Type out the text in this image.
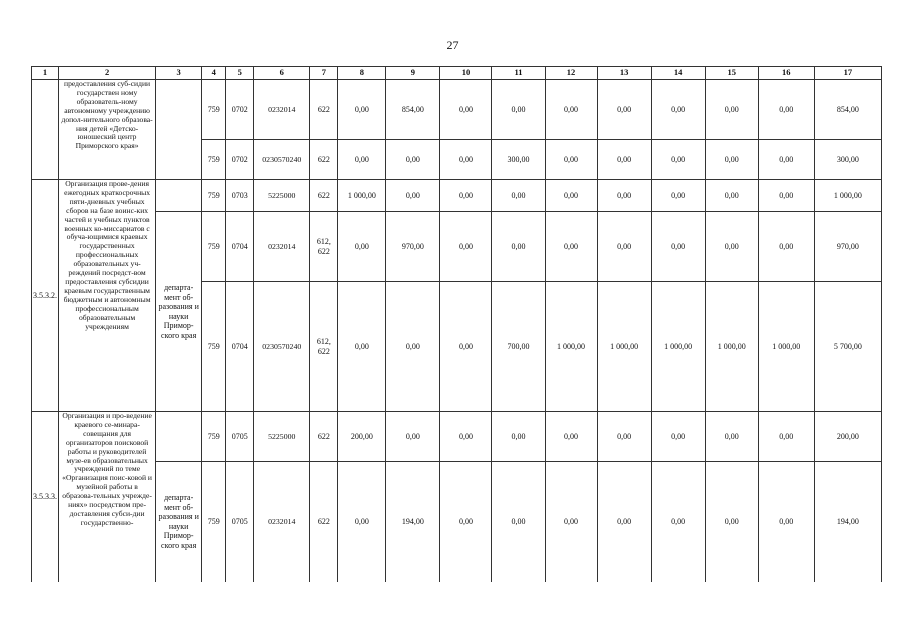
27
1	2	3	4	5	6	7	8	9	10	11	12	13	14	15	16	17
	предоставления суб-сидии государствен ному образователь-ному автономному учреждению допол-нительного образова-ния детей «Детско-юношеский центр Приморского края»		759	0702	0232014	622	0,00	854,00	0,00	0,00	0,00	0,00	0,00	0,00	0,00	854,00
			759	0702	0230570240	622	0,00	0,00	0,00	300,00	0,00	0,00	0,00	0,00	0,00	300,00
3.5.3.2.	Организация прове-дения ежегодных краткосрочных пяти-дневных учебных сборов на базе воинс-ких частей и учебных пунктов военных ко-миссариатов с обуча-ющимися краевых государственных профессиональных образовательных уч-реждений посредст-вом предоставления субсидии краевым государственным бюджетным и автономным профессиональным образовательным учреждениям		759	0703	5225000	622	1 000,00	0,00	0,00	0,00	0,00	0,00	0,00	0,00	0,00	1 000,00
		департа-мент об-разования и науки Примор-ского края	759	0704	0232014	612, 622	0,00	970,00	0,00	0,00	0,00	0,00	0,00	0,00	0,00	970,00
			759	0704	0230570240	612, 622	0,00	0,00	0,00	700,00	1 000,00	1 000,00	1 000,00	1 000,00	1 000,00	5 700,00
3.5.3.3.	Организация и про-ведение краевого се-минара-совещания для организаторов поисковой работы и руководителей музе-ев образовательных учреждений по теме «Организация поис-ковой и музейной работы в образова-тельных учрежде-ниях» посредством пре-доставления субси-дии государственно-		759	0705	5225000	622	200,00	0,00	0,00	0,00	0,00	0,00	0,00	0,00	0,00	200,00
		департа-мент об-разования и науки Примор-ского края	759	0705	0232014	622	0,00	194,00	0,00	0,00	0,00	0,00	0,00	0,00	0,00	194,00
